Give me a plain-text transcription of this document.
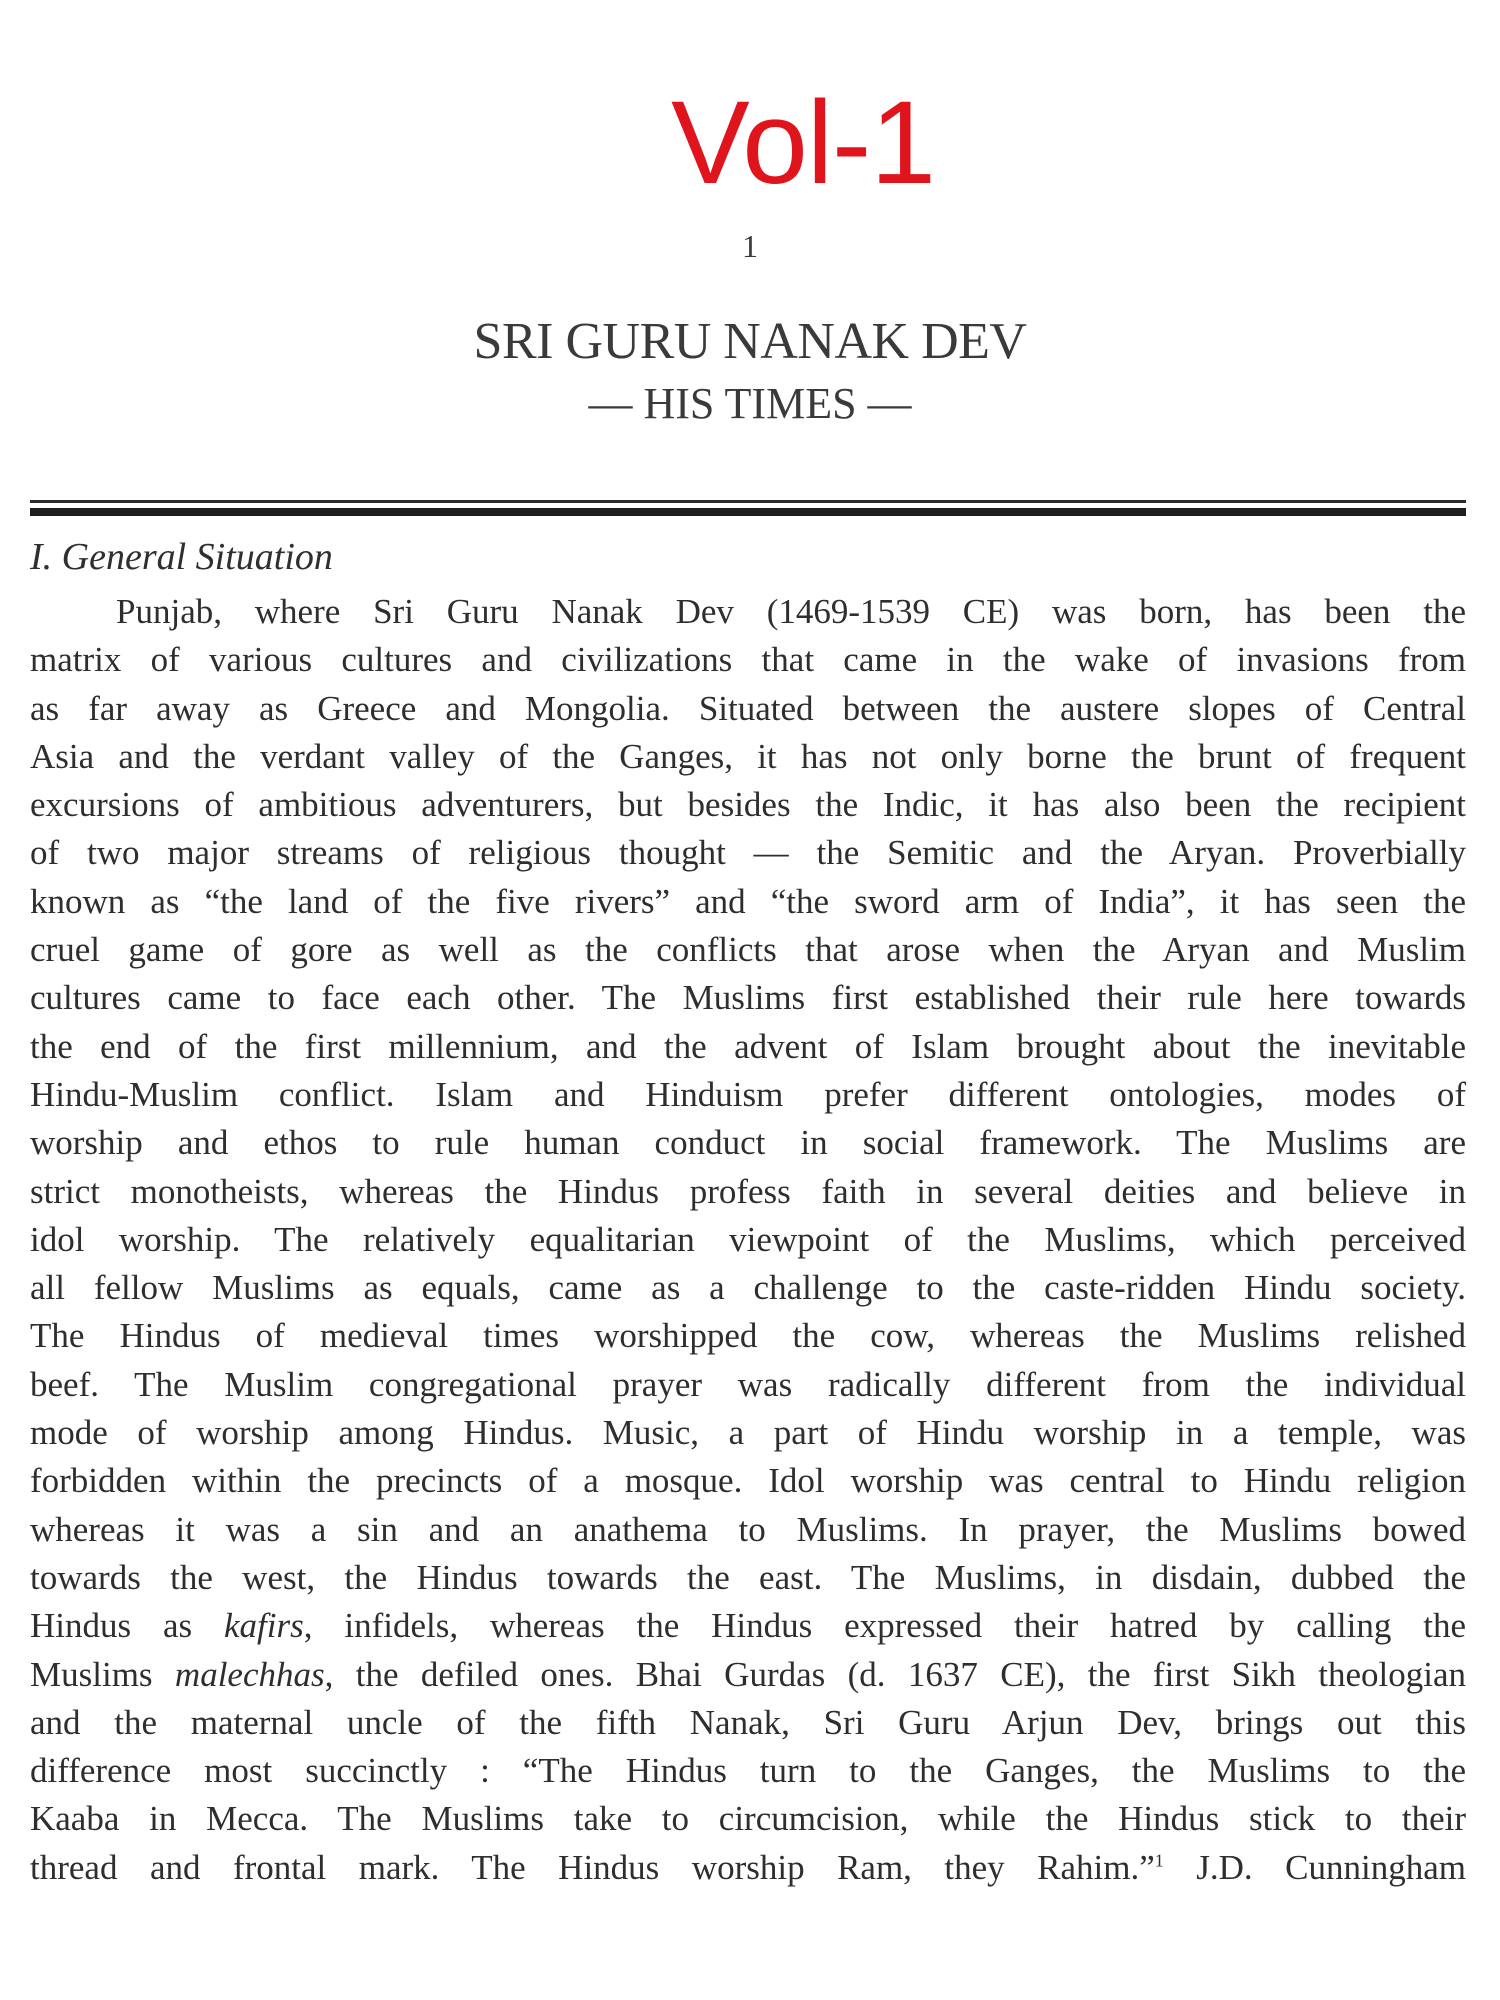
Vol-1
1
SRI GURU NANAK DEV
— HIS TIMES —
I. General Situation
Punjab, where Sri Guru Nanak Dev (1469-1539 CE) was born, has been the
matrix of various cultures and civilizations that came in the wake of invasions from
as far away as Greece and Mongolia. Situated between the austere slopes of Central
Asia and the verdant valley of the Ganges, it has not only borne the brunt of frequent
excursions of ambitious adventurers, but besides the Indic, it has also been the recipient
of two major streams of religious thought — the Semitic and the Aryan. Proverbially
known as “the land of the five rivers” and “the sword arm of India”, it has seen the
cruel game of gore as well as the conflicts that arose when the Aryan and Muslim
cultures came to face each other. The Muslims first established their rule here towards
the end of the first millennium, and the advent of Islam brought about the inevitable
Hindu-Muslim conflict. Islam and Hinduism prefer different ontologies, modes of
worship and ethos to rule human conduct in social framework. The Muslims are
strict monotheists, whereas the Hindus profess faith in several deities and believe in
idol worship. The relatively equalitarian viewpoint of the Muslims, which perceived
all fellow Muslims as equals, came as a challenge to the caste-ridden Hindu society.
The Hindus of medieval times worshipped the cow, whereas the Muslims relished
beef. The Muslim congregational prayer was radically different from the individual
mode of worship among Hindus. Music, a part of Hindu worship in a temple, was
forbidden within the precincts of a mosque. Idol worship was central to Hindu religion
whereas it was a sin and an anathema to Muslims. In prayer, the Muslims bowed
towards the west, the Hindus towards the east. The Muslims, in disdain, dubbed the
Hindus as kafirs, infidels, whereas the Hindus expressed their hatred by calling the
Muslims malechhas, the defiled ones. Bhai Gurdas (d. 1637 CE), the first Sikh theologian
and the maternal uncle of the fifth Nanak, Sri Guru Arjun Dev, brings out this
difference most succinctly : “The Hindus turn to the Ganges, the Muslims to the
Kaaba in Mecca. The Muslims take to circumcision, while the Hindus stick to their
thread and frontal mark. The Hindus worship Ram, they Rahim.”$^1$ J.D. Cunningham
